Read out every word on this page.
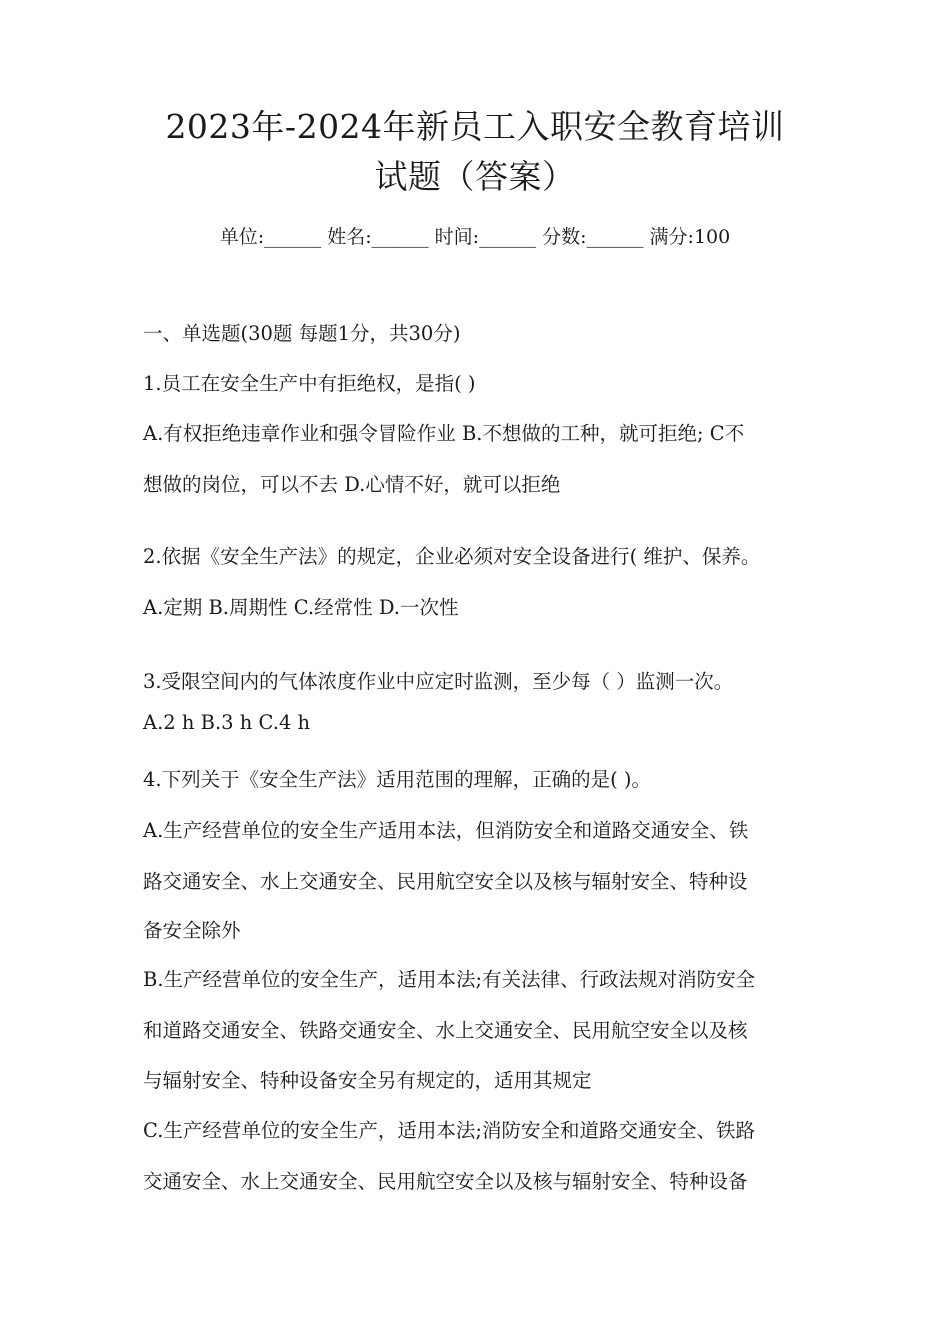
2023年-2024年新员工入职安全教育培训
试题（答案）
单位:______ 姓名:______ 时间:______ 分数:______ 满分:100
一、单选题(30题 每题1分，共30分)
1.员工在安全生产中有拒绝权，是指( )
A.有权拒绝违章作业和强令冒险作业 B.不想做的工种，就可拒绝; C不
想做的岗位，可以不去 D.心情不好，就可以拒绝
2.依据《安全生产法》的规定，企业必须对安全设备进行( 维护、保养。
A.定期 B.周期性 C.经常性 D.一次性
3.受限空间内的气体浓度作业中应定时监测，至少每（ ）监测一次。
A.2 h B.3 h C.4 h
4.下列关于《安全生产法》适用范围的理解，正确的是( )。
A.生产经营单位的安全生产适用本法，但消防安全和道路交通安全、铁
路交通安全、水上交通安全、民用航空安全以及核与辐射安全、特种设
备安全除外
B.生产经营单位的安全生产，适用本法;有关法律、行政法规对消防安全
和道路交通安全、铁路交通安全、水上交通安全、民用航空安全以及核
与辐射安全、特种设备安全另有规定的，适用其规定
C.生产经营单位的安全生产，适用本法;消防安全和道路交通安全、铁路
交通安全、水上交通安全、民用航空安全以及核与辐射安全、特种设备
